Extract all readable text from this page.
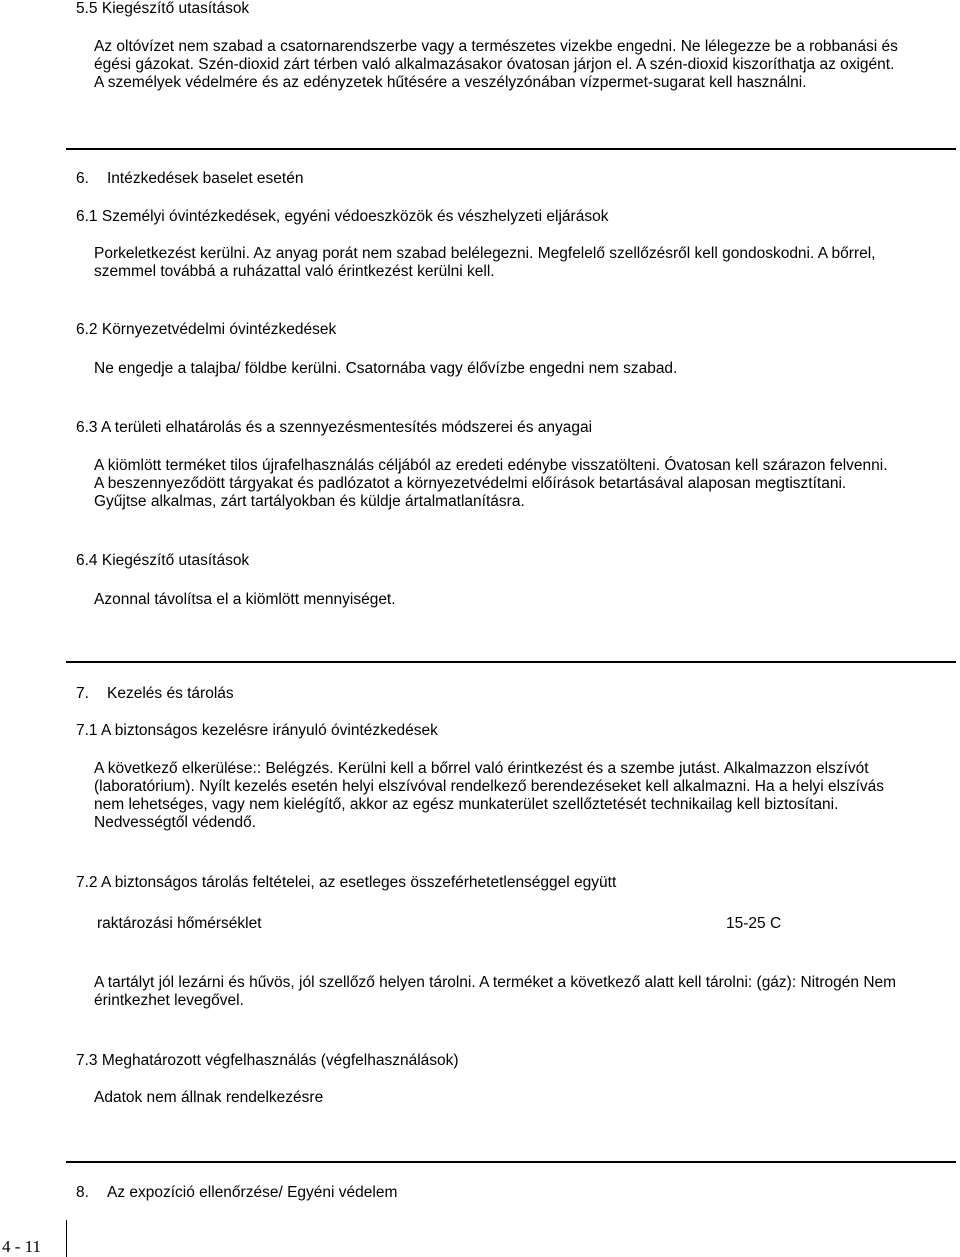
5.5 Kiegészítő utasítások
Az oltóvízet nem szabad a csatornarendszerbe vagy a természetes vizekbe engedni. Ne lélegezze be a robbanási és
égési gázokat. Szén-dioxid zárt térben való alkalmazásakor óvatosan járjon el. A szén-dioxid kiszoríthatja az oxigént.
A személyek védelmére és az edényzetek hűtésére a veszélyzónában vízpermet-sugarat kell használni.
6. Intézkedések baselet esetén
6.1 Személyi óvintézkedések, egyéni védoeszközök és vészhelyzeti eljárások
Porkeletkezést kerülni. Az anyag porát nem szabad belélegezni. Megfelelő szellőzésről kell gondoskodni. A bőrrel,
szemmel továbbá a ruházattal való érintkezést kerülni kell.
6.2 Környezetvédelmi óvintézkedések
Ne engedje a talajba/ földbe kerülni. Csatornába vagy élővízbe engedni nem szabad.
6.3 A területi elhatárolás és a szennyezésmentesítés módszerei és anyagai
A kiömlött terméket tilos újrafelhasználás céljából az eredeti edénybe visszatölteni. Óvatosan kell szárazon felvenni.
A beszennyeződött tárgyakat és padlózatot a környezetvédelmi előírások betartásával alaposan megtisztítani.
Gyűjtse alkalmas, zárt tartályokban és küldje ártalmatlanításra.
6.4 Kiegészítő utasítások
Azonnal távolítsa el a kiömlött mennyiséget.
7. Kezelés és tárolás
7.1 A biztonságos kezelésre irányuló óvintézkedések
A következő elkerülése:: Belégzés. Kerülni kell a bőrrel való érintkezést és a szembe jutást. Alkalmazzon elszívót
(laboratórium). Nyílt kezelés esetén helyi elszívóval rendelkező berendezéseket kell alkalmazni. Ha a helyi elszívás
nem lehetséges, vagy nem kielégítő, akkor az egész munkaterület szellőztetését technikailag kell biztosítani.
Nedvességtől védendő.
7.2 A biztonságos tárolás feltételei, az esetleges összeférhetetlenséggel együtt
raktározási hőmérséklet	15-25 C
A tartályt jól lezárni és hűvös, jól szellőző helyen tárolni. A terméket a következő alatt kell tárolni: (gáz): Nitrogén Nem
érintkezhet levegővel.
7.3 Meghatározott végfelhasználás (végfelhasználások)
Adatok nem állnak rendelkezésre
8. Az expozíció ellenőrzése/ Egyéni védelem
4 - 11
